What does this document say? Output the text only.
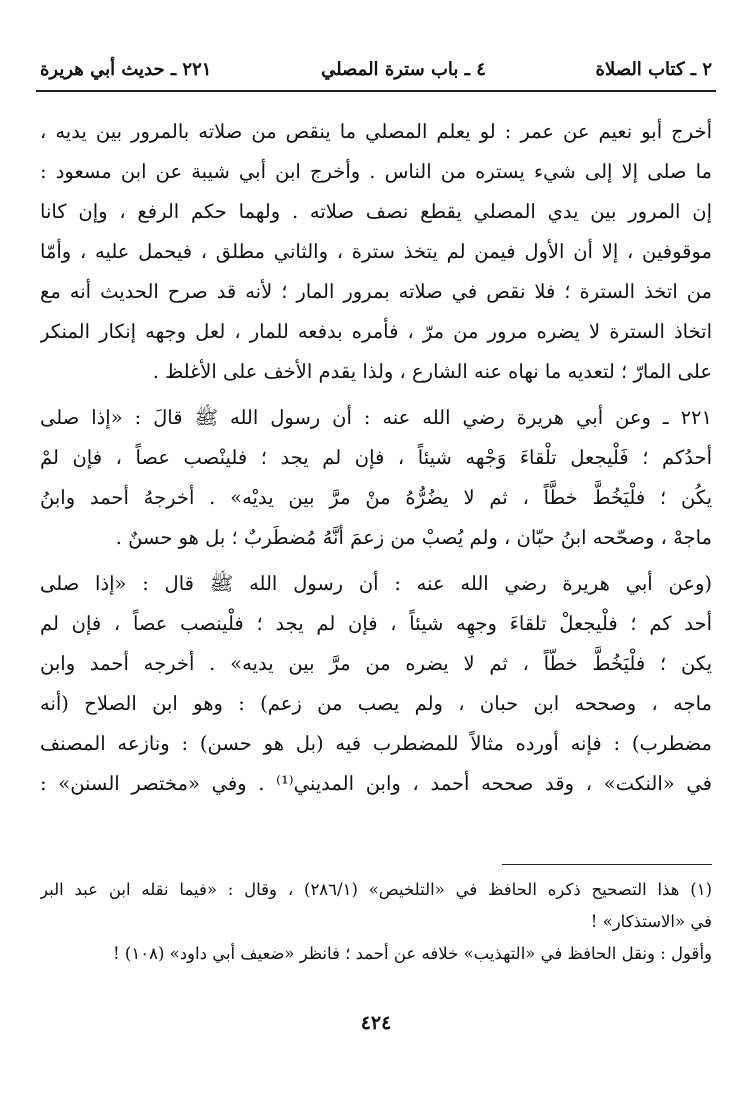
٢ ـ كتاب الصلاة
٤ ـ باب سترة المصلي
٢٢١ ـ حديث أبي هريرة
أخرج أبو نعيم عن عمر : لو يعلم المصلي ما ينقص من صلاته بالمرور بين يديه ،
ما صلى إلا إلى شيء يستره من الناس . وأخرج ابن أبي شيبة عن ابن مسعود :
إن المرور بين يدي المصلي يقطع نصف صلاته . ولهما حكم الرفع ، وإن كانا
موقوفين ، إلا أن الأول فيمن لم يتخذ سترة ، والثاني مطلق ، فيحمل عليه ، وأمّا
من اتخذ السترة ؛ فلا نقص في صلاته بمرور المار ؛ لأنه قد صرح الحديث أنه مع
اتخاذ السترة لا يضره مرور من مرّ ، فأمره بدفعه للمار ، لعل وجهه إنكار المنكر
على المارّ ؛ لتعديه ما نهاه عنه الشارع ، ولذا يقدم الأخف على الأغلظ .
٢٢١ ـ وعن أبي هريرة رضي الله عنه : أن رسول الله ﷺ قالَ : «إذا صلى
أحدُكم ؛ فَلْيجعل تلْقاءَ وَجْهه شيئاً ، فإن لم يجد ؛ فلينْصب عصاً ، فإن لمْ
يكُن ؛ فلْيَخُطَّ خطَّاً ، ثم لا يضُرُّهُ منْ مرَّ بين يديْه» . أخرجهُ أحمد وابنُ
ماجهْ ، وصحّحه ابنُ حبّان ، ولم يُصبْ من زعمَ أنَّهُ مُضطَربٌ ؛ بل هو حسنٌ .
(وعن أبي هريرة رضي الله عنه : أن رسول الله ﷺ قال : «إذا صلى
أحد كم ؛ فلْيجعلْ تلقاءَ وجهِه شيئاً ، فإن لم يجد ؛ فلْينصب عصاً ، فإن لم
يكن ؛ فلْيَخُطَّ خطّاً ، ثم لا يضره من مرَّ بين يديه» . أخرجه أحمد وابن
ماجه ، وصححه ابن حبان ، ولم يصب من زعم) : وهو ابن الصلاح (أنه
مضطرب) : فإنه أورده مثالاً للمضطرب فيه (بل هو حسن) : ونازعه المصنف
في «النكت» ، وقد صححه أحمد ، وابن المديني⁽¹⁾ . وفي «مختصر السنن» :
(١) هذا التصحيح ذكره الحافظ في «التلخيص» (٢٨٦/١) ، وقال : «فيما نقله ابن عبد البر
في «الاستذكار» !
وأقول : ونقل الحافظ في «التهذيب» خلافه عن أحمد ؛ فانظر «ضعيف أبي داود» (١٠٨) !
٤٢٤
